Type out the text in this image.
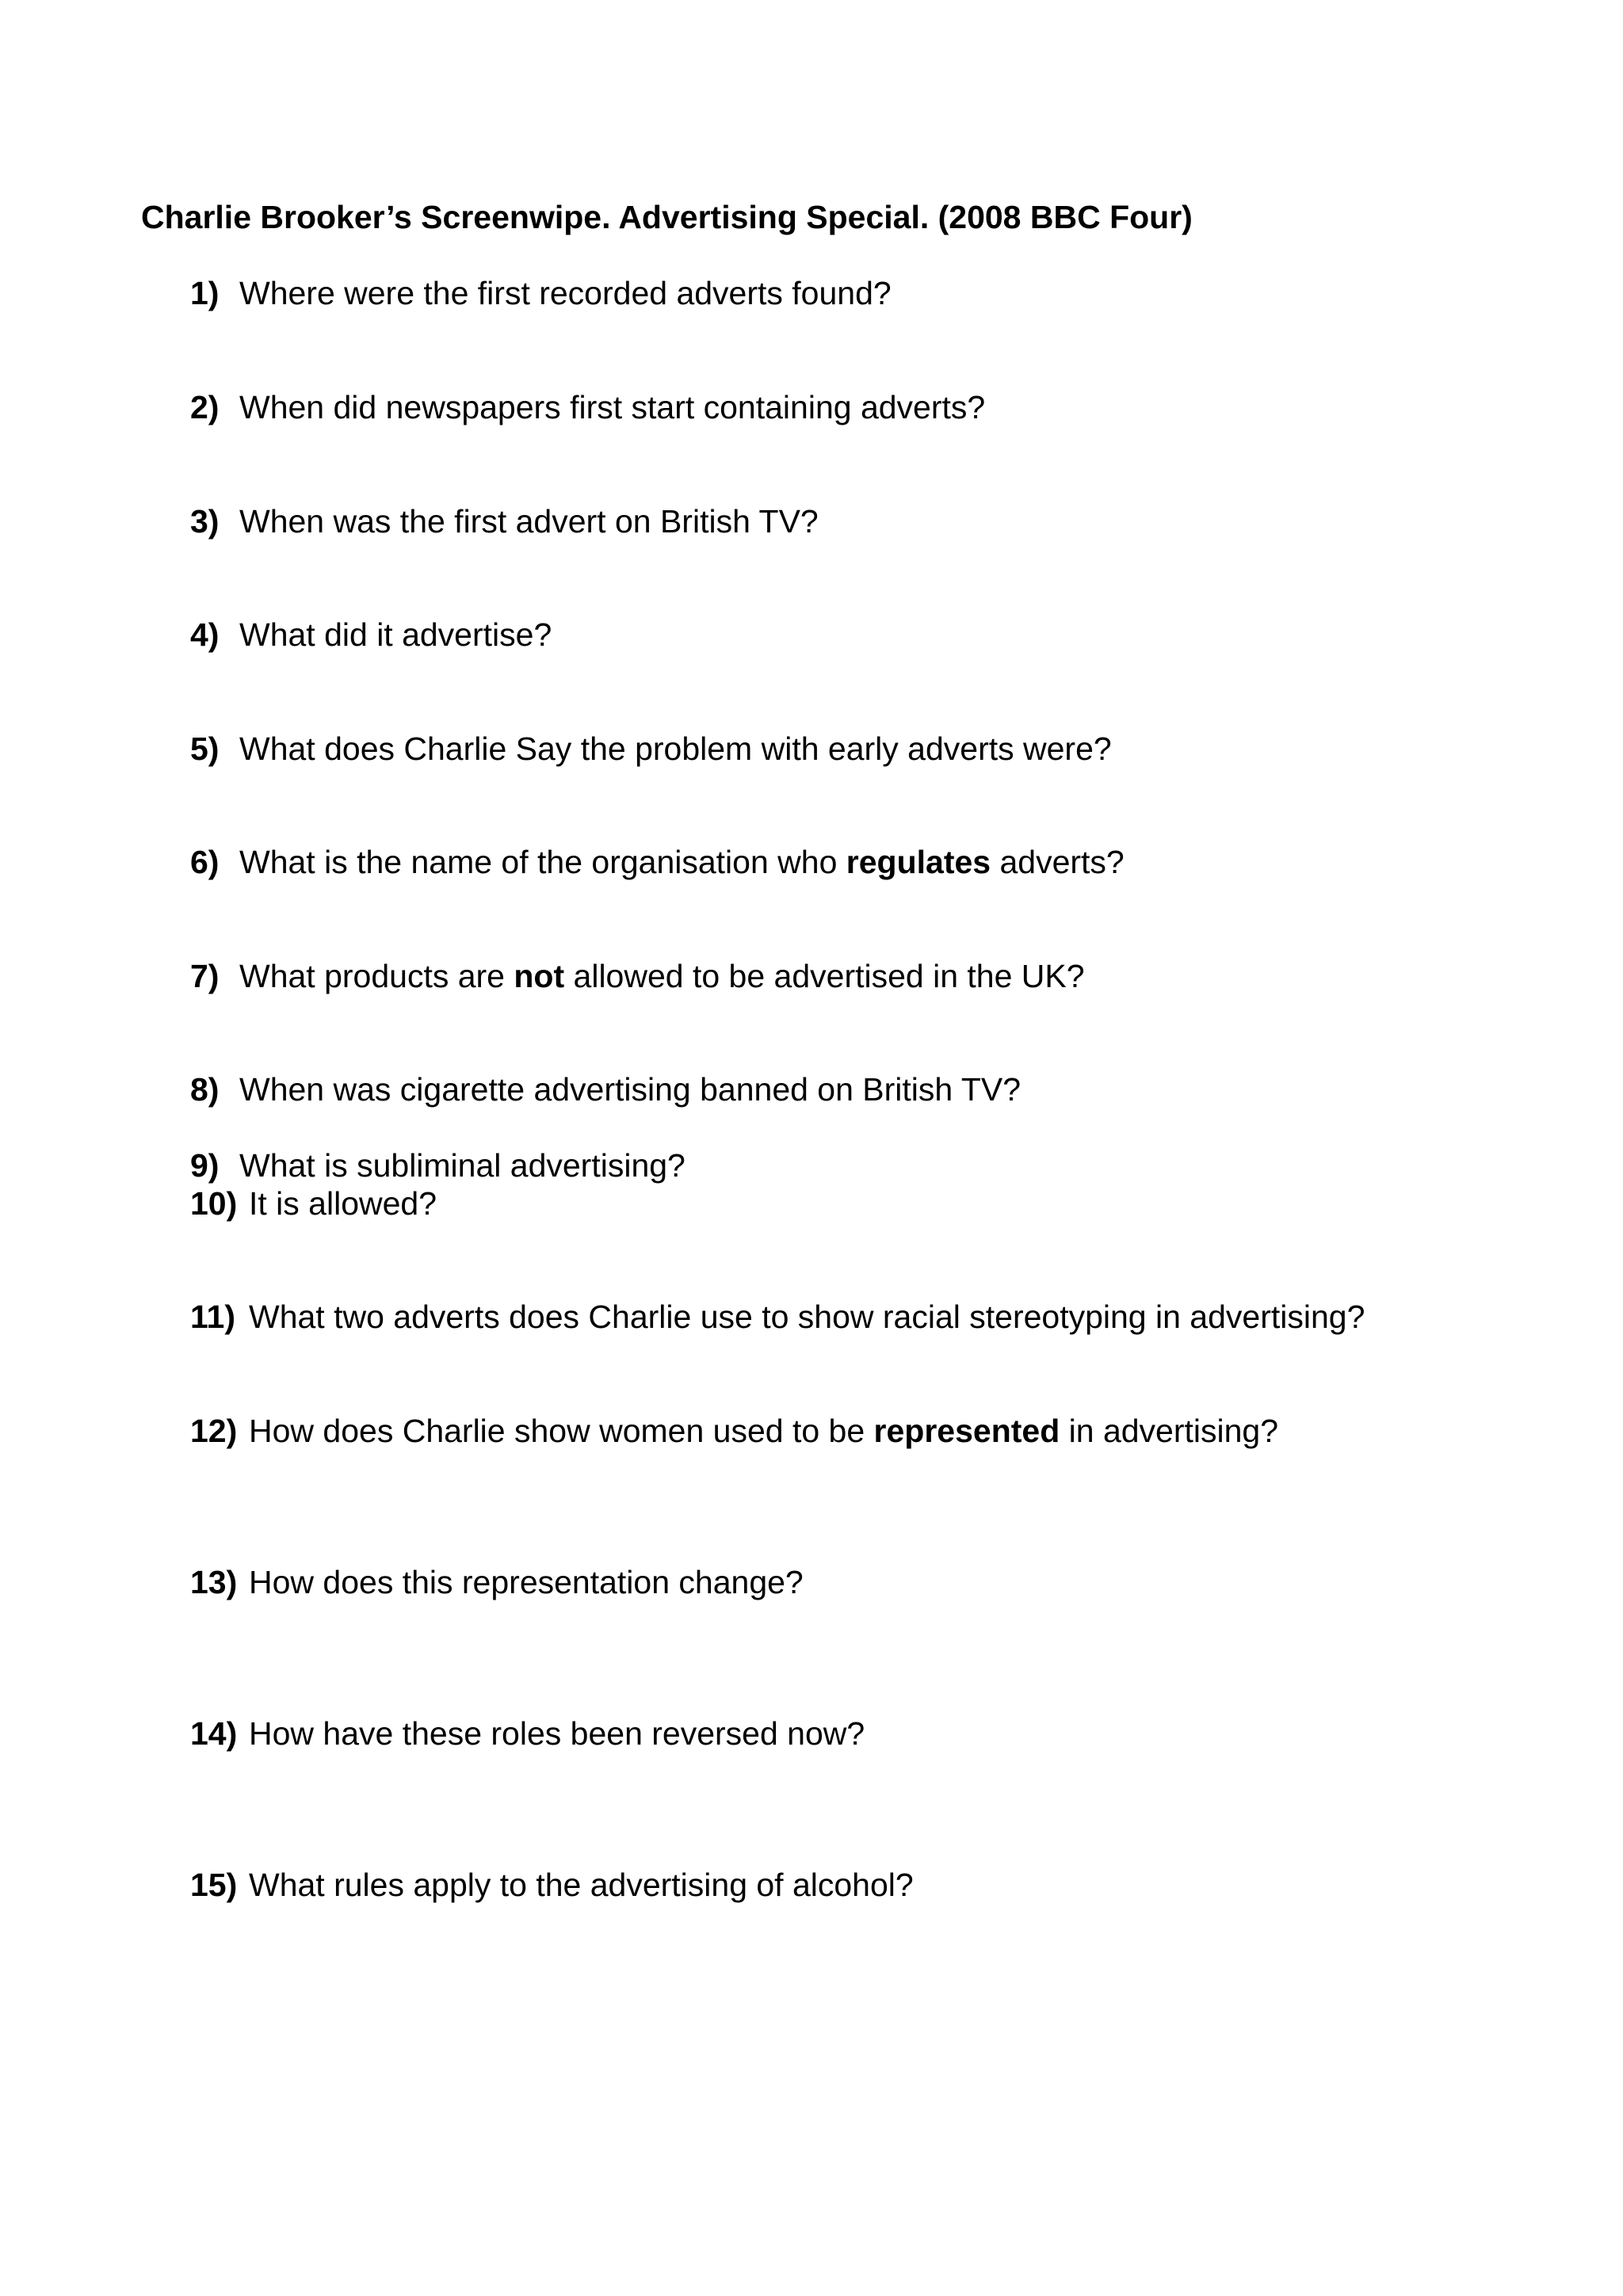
Charlie Brooker’s Screenwipe. Advertising Special. (2008 BBC Four)

1) Where were the first recorded adverts found?

2) When did newspapers first start containing adverts?

3) When was the first advert on British TV?

4) What did it advertise?

5) What does Charlie Say the problem with early adverts were?

6) What is the name of the organisation who regulates adverts?

7) What products are not allowed to be advertised in the UK?

8) When was cigarette advertising banned on British TV?

9) What is subliminal advertising?

10) It is allowed?

11) What two adverts does Charlie use to show racial stereotyping in advertising?

12) How does Charlie show women used to be represented in advertising?

13) How does this representation change?

14) How have these roles been reversed now?

15) What rules apply to the advertising of alcohol?
